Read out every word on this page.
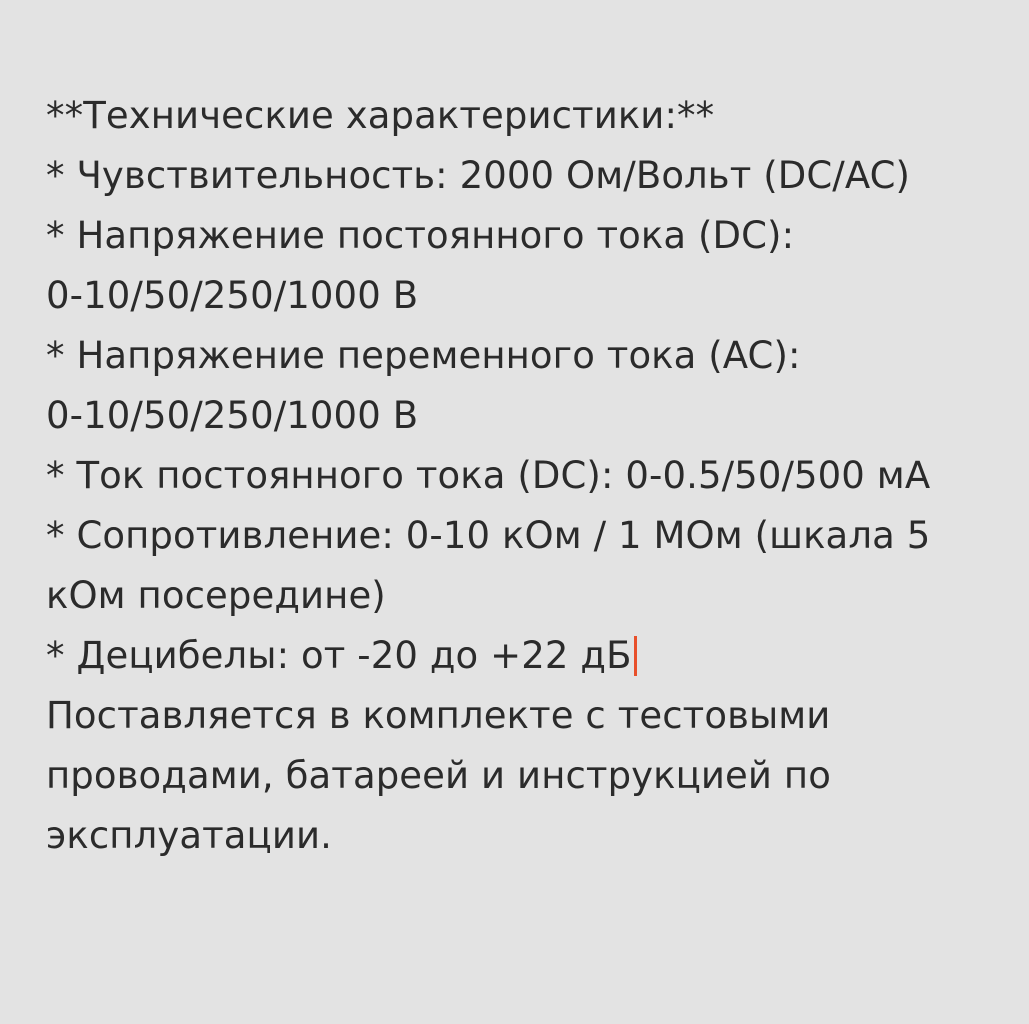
**Технические характеристики:**
* Чувствительность: 2000 Ом/Вольт (DC/AC)
* Напряжение постоянного тока (DC):
0-10/50/250/1000 В
* Напряжение переменного тока (AC):
0-10/50/250/1000 В
* Ток постоянного тока (DC): 0-0.5/50/500 мА
* Сопротивление: 0-10 кОм / 1 МОм (шкала 5
кОм посередине)
* Децибелы: от -20 до +22 дБ
Поставляется в комплекте с тестовыми
проводами, батареей и инструкцией по
эксплуатации.
